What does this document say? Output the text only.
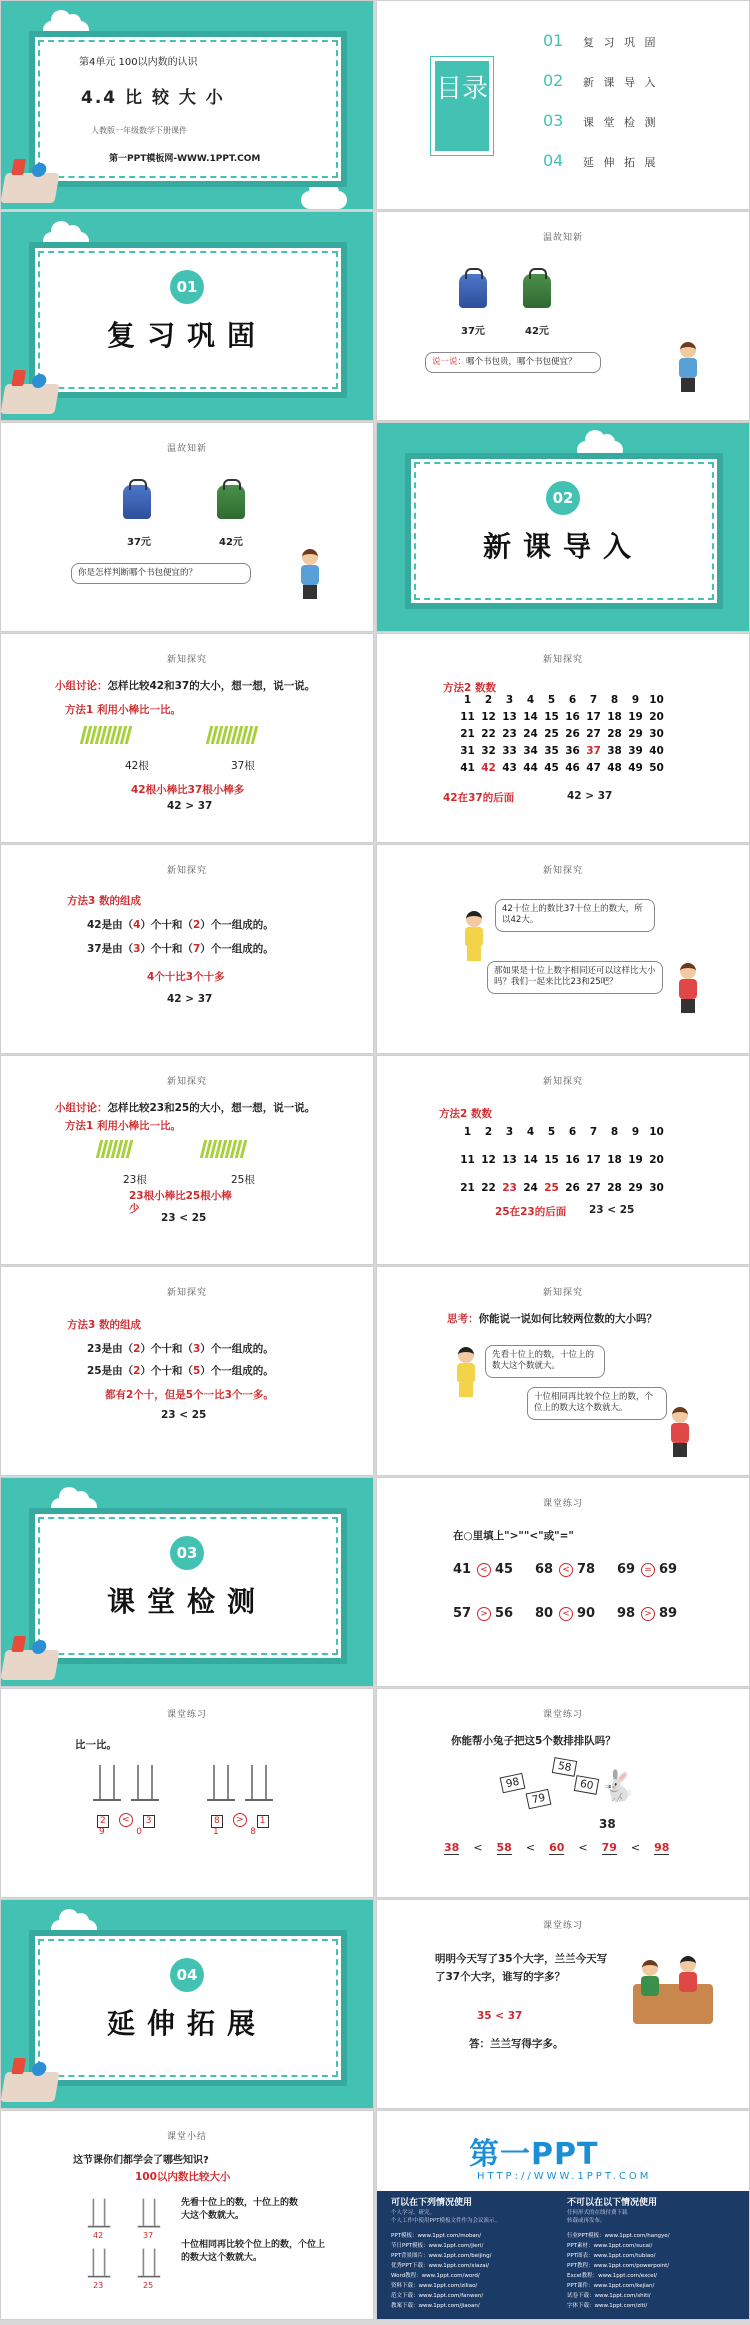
第4单元 100以内数的认识
4.4 比 较 大 小
人教版一年级数学下册课件
第一PPT模板网-WWW.1PPT.COM
目录
01 复 习 巩 固
02 新 课 导 入
03 课 堂 检 测
04 延 伸 拓 展
01
复习巩固
温故知新
37元	42元
说一说：哪个书包贵，哪个书包便宜？
温故知新
37元	42元
你是怎样判断哪个书包便宜的？
02
新课导入
新知探究
小组讨论：怎样比较42和37的大小，想一想，说一说。
方法1 利用小棒比一比。
42根	37根
42根小棒比37根小棒多
42 > 37
新知探究
方法2 数数
1	2	3	4	5	6	7	8	9 10
11 12 13 14 15 16 17 18 19 20
21 22 23 24 25 26 27 28 29 30
31 32 33 34 35 36 37 38 39 40
41 42 43 44 45 46 47 48 49 50
42在37的后面	42 > 37
新知探究
方法3 数的组成
42是由（4）个十和（2）个一组成的。
37是由（3）个十和（7）个一组成的。
4个十比3个十多
42 > 37
新知探究
42十位上的数比37十位上的数大，所以42大。
那如果是十位上数字相同还可以这样比大小吗？我们一起来比比23和25吧？
新知探究
小组讨论：怎样比较23和25的大小，想一想，说一说。
方法1 利用小棒比一比。
23根	25根
23根小棒比25根小棒少
23 < 25
新知探究
方法2 数数
1	2	3	4	5	6	7	8	9 10
11 12 13 14 15 16 17 18 19 20
21 22 23 24 25 26 27 28 29 30
25在23的后面 23 < 25
新知探究
方法3 数的组成
23是由（2）个十和（3）个一组成的。
25是由（2）个十和（5）个一组成的。
都有2个十，但是5个一比3个一多。
23 < 25
新知探究
思考：你能说一说如何比较两位数的大小吗？
先看十位上的数，十位上的数大这个数就大。
十位相同再比较个位上的数，个位上的数大这个数就大。
03
课堂检测
课堂练习
在○里填上">""<"或"="
41	< 45 68	< 78 69	= 69
57	> 56 80	< 90 98	> 89
课堂练习
比一比。
2 < 3
9	0
8 > 1
1	8
课堂练习
你能帮小兔子把这5个数排排队吗？
58
98	60
79
38
🐇
38 < 58 < 60 < 79 < 98
04
延伸拓展
课堂练习
明明今天写了35个大字，兰兰今天写了37个大字，谁写的字多？
35 < 37
答：兰兰写得字多。
课堂小结
这节课你们都学会了哪些知识?
100以内数比较大小
42	37
23	25
先看十位上的数，十位上的数大这个数就大。
十位相同再比较个位上的数，个位上的数大这个数就大。
第一PPT
HTTP://WWW.1PPT.COM
可以在下列情况使用
个人学习、研究。
个人工作中使用PPT模板文件作为会议演示。
不可以在以下情况使用
任何形式的在线付费下载
转载或再发布。
PPT模板：www.1ppt.com/moban/
节日PPT模板：www.1ppt.com/jieri/
PPT背景图片：www.1ppt.com/beijing/
优秀PPT下载：www.1ppt.com/xiazai/
Word教程：www.1ppt.com/word/
资料下载：www.1ppt.com/ziliao/
范文下载：www.1ppt.com/fanwen/
教案下载：www.1ppt.com/jiaoan/
行业PPT模板：www.1ppt.com/hangye/
PPT素材：www.1ppt.com/sucai/
PPT图表：www.1ppt.com/tubiao/
PPT教程：www.1ppt.com/powerpoint/
Excel教程：www.1ppt.com/excel/
PPT课件：www.1ppt.com/kejian/
试卷下载：www.1ppt.com/shiti/
字体下载：www.1ppt.com/ziti/
